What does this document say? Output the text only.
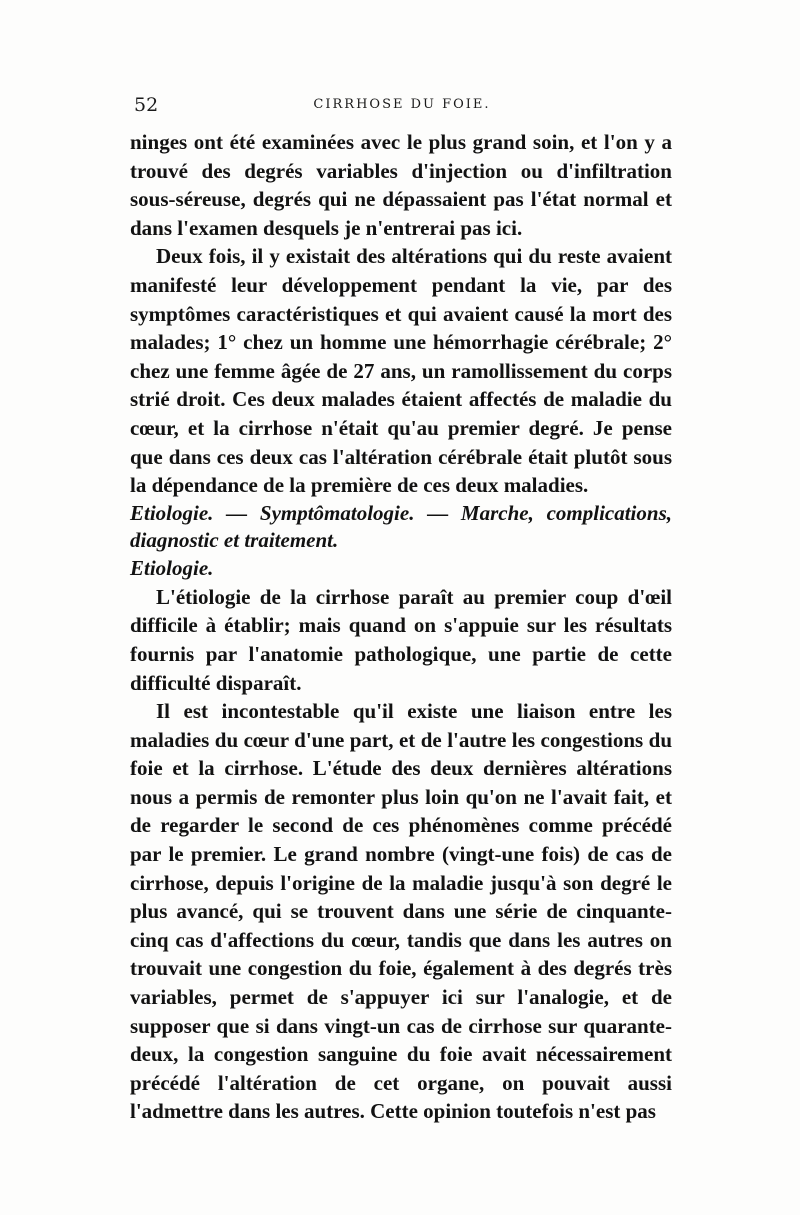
52	CIRRHOSE DU FOIE.

ninges ont été examinées avec le plus grand soin, et l'on y a trouvé des degrés variables d'injection ou d'infiltration sous-séreuse, degrés qui ne dépassaient pas l'état normal et dans l'examen desquels je n'entrerai pas ici.

Deux fois, il y existait des altérations qui du reste avaient manifesté leur développement pendant la vie, par des symptômes caractéristiques et qui avaient causé la mort des malades; 1° chez un homme une hémorrhagie cérébrale; 2° chez une femme âgée de 27 ans, un ramollissement du corps strié droit. Ces deux malades étaient affectés de maladie du cœur, et la cirrhose n'était qu'au premier degré. Je pense que dans ces deux cas l'altération cérébrale était plutôt sous la dépendance de la première de ces deux maladies.

Etiologie. — Symptômatologie. — Marche, complications, diagnostic et traitement.

Etiologie.

L'étiologie de la cirrhose paraît au premier coup d'œil difficile à établir; mais quand on s'appuie sur les résultats fournis par l'anatomie pathologique, une partie de cette difficulté disparaît.

Il est incontestable qu'il existe une liaison entre les maladies du cœur d'une part, et de l'autre les congestions du foie et la cirrhose. L'étude des deux dernières altérations nous a permis de remonter plus loin qu'on ne l'avait fait, et de regarder le second de ces phénomènes comme précédé par le premier. Le grand nombre (vingt-une fois) de cas de cirrhose, depuis l'origine de la maladie jusqu'à son degré le plus avancé, qui se trouvent dans une série de cinquante-cinq cas d'affections du cœur, tandis que dans les autres on trouvait une congestion du foie, également à des degrés très variables, permet de s'appuyer ici sur l'analogie, et de supposer que si dans vingt-un cas de cirrhose sur quarante-deux, la congestion sanguine du foie avait nécessairement précédé l'altération de cet organe, on pouvait aussi l'admettre dans les autres. Cette opinion toutefois n'est pas
